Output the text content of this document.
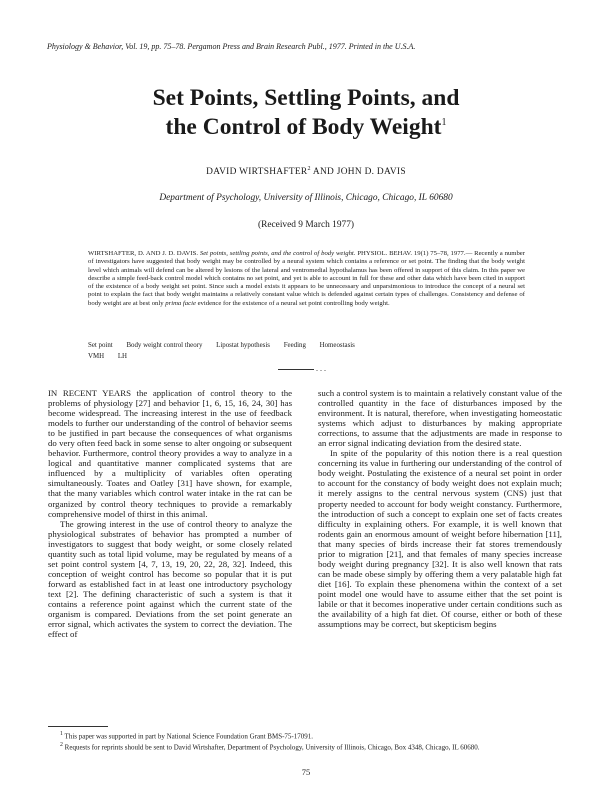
Physiology & Behavior, Vol. 19, pp. 75–78. Pergamon Press and Brain Research Publ., 1977. Printed in the U.S.A.
Set Points, Settling Points, and
the Control of Body Weight$^1$
DAVID WIRTSHAFTER$^2$ AND JOHN D. DAVIS
Department of Psychology, University of Illinois, Chicago, Chicago, IL 60680
(Received 9 March 1977)
WIRTSHAFTER, D. AND J. D. DAVIS. Set points, settling points, and the control of body weight. PHYSIOL. BEHAV. 19(1) 75–78, 1977.— Recently a number of investigators have suggested that body weight may be controlled by a neural system which contains a reference or set point. The finding that the body weight level which animals will defend can be altered by lesions of the lateral and ventromedial hypothalamus has been offered in support of this claim. In this paper we describe a simple feed-back control model which contains no set point, and yet is able to account in full for these and other data which have been cited in support of the existence of a body weight set point. Since such a model exists it appears to be unnecessary and unparsimonious to introduce the concept of a neural set point to explain the fact that body weight maintains a relatively constant value which is defended against certain types of challenges. Consistency and defense of body weight are at best only prima facie evidence for the existence of a neural set point controlling body weight.
Set point Body weight control theory Lipostat hypothesis Feeding Homeostasis
VMH LH
. . .

IN RECENT YEARS the application of control theory to the problems of physiology [27] and behavior [1, 6, 15, 16, 24, 30] has become widespread. The increasing interest in the use of feedback models to further our understanding of the control of behavior seems to be justified in part because the consequences of what organisms do very often feed back in some sense to alter ongoing or subsequent behavior. Furthermore, control theory provides a way to analyze in a logical and quantitative manner complicated systems that are influenced by a multiplicity of variables often operating simultaneously. Toates and Oatley [31] have shown, for example, that the many variables which control water intake in the rat can be organized by control theory techniques to provide a remarkably comprehensive model of thirst in this animal.

The growing interest in the use of control theory to analyze the physiological substrates of behavior has prompted a number of investigators to suggest that body weight, or some closely related quantity such as total lipid volume, may be regulated by means of a set point control system [4, 7, 13, 19, 20, 22, 28, 32]. Indeed, this conception of weight control has become so popular that it is put forward as established fact in at least one introductory psychology text [2]. The defining characteristic of such a system is that it contains a reference point against which the current state of the organism is compared. Deviations from the set point generate an error signal, which activates the system to correct the deviation. The effect of

such a control system is to maintain a relatively constant value of the controlled quantity in the face of disturbances imposed by the environment. It is natural, therefore, when investigating homeostatic systems which adjust to disturbances by making appropriate corrections, to assume that the adjustments are made in response to an error signal indicating deviation from the desired state.

In spite of the popularity of this notion there is a real question concerning its value in furthering our understanding of the control of body weight. Postulating the existence of a neural set point in order to account for the constancy of body weight does not explain much; it merely assigns to the central nervous system (CNS) just that property needed to account for body weight constancy. Furthermore, the introduction of such a concept to explain one set of facts creates difficulty in explaining others. For example, it is well known that rodents gain an enormous amount of weight before hibernation [11], that many species of birds increase their fat stores tremendously prior to migration [21], and that females of many species increase body weight during pregnancy [32]. It is also well known that rats can be made obese simply by offering them a very palatable high fat diet [16]. To explain these phenomena within the context of a set point model one would have to assume either that the set point is labile or that it becomes inoperative under certain conditions such as the availability of a high fat diet. Of course, either or both of these assumptions may be correct, but skepticism begins

$^1$ This paper was supported in part by National Science Foundation Grant BMS-75-17091.

$^2$ Requests for reprints should be sent to David Wirtshafter, Department of Psychology, University of Illinois, Chicago, Box 4348, Chicago, IL 60680.

75
